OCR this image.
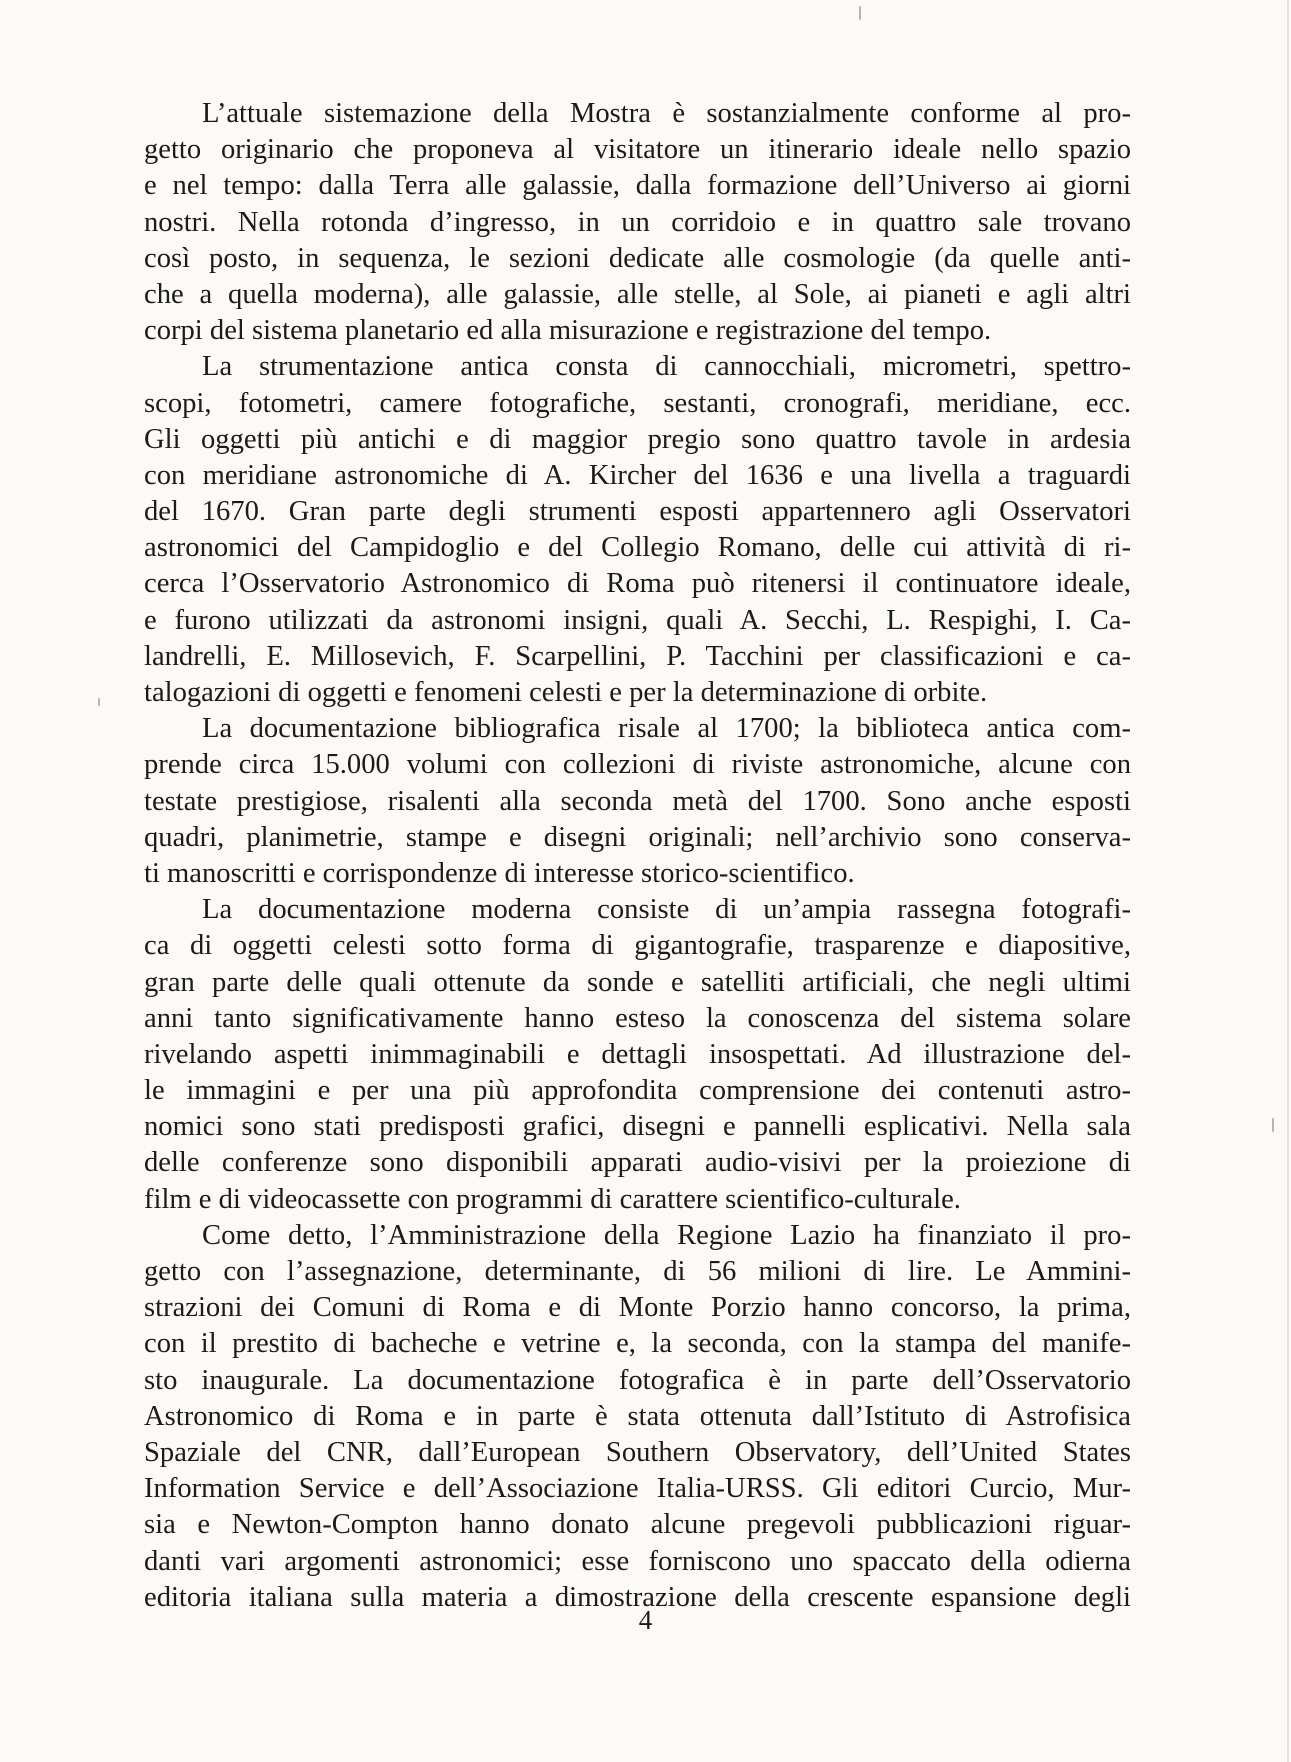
L’attuale sistemazione della Mostra è sostanzialmente conforme al pro-
getto originario che proponeva al visitatore un itinerario ideale nello spazio
e nel tempo: dalla Terra alle galassie, dalla formazione dell’Universo ai giorni
nostri. Nella rotonda d’ingresso, in un corridoio e in quattro sale trovano
così posto, in sequenza, le sezioni dedicate alle cosmologie (da quelle anti-
che a quella moderna), alle galassie, alle stelle, al Sole, ai pianeti e agli altri
corpi del sistema planetario ed alla misurazione e registrazione del tempo.
La strumentazione antica consta di cannocchiali, micrometri, spettro-
scopi, fotometri, camere fotografiche, sestanti, cronografi, meridiane, ecc.
Gli oggetti più antichi e di maggior pregio sono quattro tavole in ardesia
con meridiane astronomiche di A. Kircher del 1636 e una livella a traguardi
del 1670. Gran parte degli strumenti esposti appartennero agli Osservatori
astronomici del Campidoglio e del Collegio Romano, delle cui attività di ri-
cerca l’Osservatorio Astronomico di Roma può ritenersi il continuatore ideale,
e furono utilizzati da astronomi insigni, quali A. Secchi, L. Respighi, I. Ca-
landrelli, E. Millosevich, F. Scarpellini, P. Tacchini per classificazioni e ca-
talogazioni di oggetti e fenomeni celesti e per la determinazione di orbite.
La documentazione bibliografica risale al 1700; la biblioteca antica com-
prende circa 15.000 volumi con collezioni di riviste astronomiche, alcune con
testate prestigiose, risalenti alla seconda metà del 1700. Sono anche esposti
quadri, planimetrie, stampe e disegni originali; nell’archivio sono conserva-
ti manoscritti e corrispondenze di interesse storico-scientifico.
La documentazione moderna consiste di un’ampia rassegna fotografi-
ca di oggetti celesti sotto forma di gigantografie, trasparenze e diapositive,
gran parte delle quali ottenute da sonde e satelliti artificiali, che negli ultimi
anni tanto significativamente hanno esteso la conoscenza del sistema solare
rivelando aspetti inimmaginabili e dettagli insospettati. Ad illustrazione del-
le immagini e per una più approfondita comprensione dei contenuti astro-
nomici sono stati predisposti grafici, disegni e pannelli esplicativi. Nella sala
delle conferenze sono disponibili apparati audio-visivi per la proiezione di
film e di videocassette con programmi di carattere scientifico-culturale.
Come detto, l’Amministrazione della Regione Lazio ha finanziato il pro-
getto con l’assegnazione, determinante, di 56 milioni di lire. Le Ammini-
strazioni dei Comuni di Roma e di Monte Porzio hanno concorso, la prima,
con il prestito di bacheche e vetrine e, la seconda, con la stampa del manife-
sto inaugurale. La documentazione fotografica è in parte dell’Osservatorio
Astronomico di Roma e in parte è stata ottenuta dall’Istituto di Astrofisica
Spaziale del CNR, dall’European Southern Observatory, dell’United States
Information Service e dell’Associazione Italia-URSS. Gli editori Curcio, Mur-
sia e Newton-Compton hanno donato alcune pregevoli pubblicazioni riguar-
danti vari argomenti astronomici; esse forniscono uno spaccato della odierna
editoria italiana sulla materia a dimostrazione della crescente espansione degli
4
